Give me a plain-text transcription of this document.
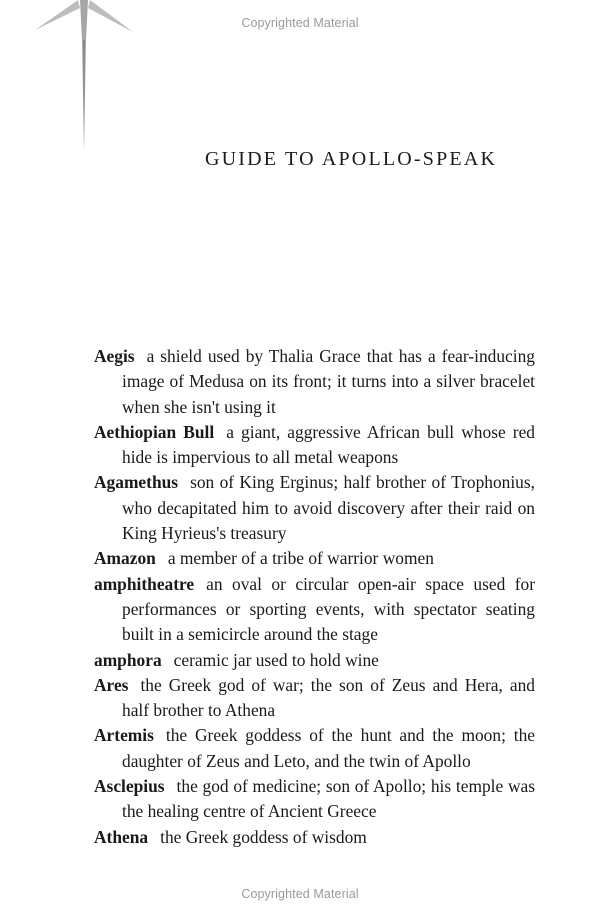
Copyrighted Material
GUIDE TO APOLLO-SPEAK
Aegis a shield used by Thalia Grace that has a fear-inducing image of Medusa on its front; it turns into a silver bracelet when she isn't using it
Aethiopian Bull a giant, aggressive African bull whose red hide is impervious to all metal weapons
Agamethus son of King Erginus; half brother of Trophonius, who decapitated him to avoid discovery after their raid on King Hyrieus's treasury
Amazon a member of a tribe of warrior women
amphitheatre an oval or circular open-air space used for performances or sporting events, with spectator seating built in a semicircle around the stage
amphora ceramic jar used to hold wine
Ares the Greek god of war; the son of Zeus and Hera, and half brother to Athena
Artemis the Greek goddess of the hunt and the moon; the daughter of Zeus and Leto, and the twin of Apollo
Asclepius the god of medicine; son of Apollo; his temple was the healing centre of Ancient Greece
Athena the Greek goddess of wisdom
Copyrighted Material
